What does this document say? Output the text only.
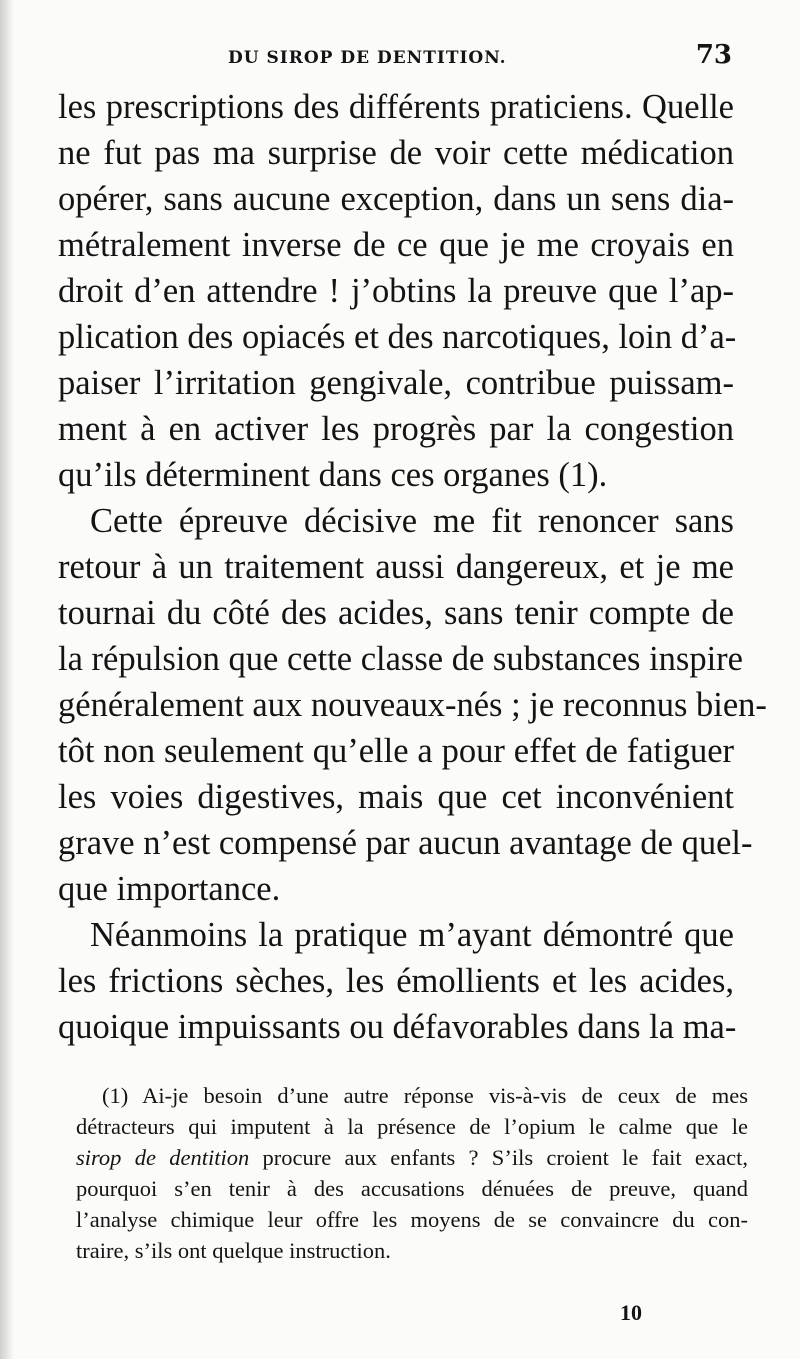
DU SIROP DE DENTITION.	73
les prescriptions des différents praticiens. Quelle
ne fut pas ma surprise de voir cette médication
opérer, sans aucune exception, dans un sens dia-
métralement inverse de ce que je me croyais en
droit d’en attendre ! j’obtins la preuve que l’ap-
plication des opiacés et des narcotiques, loin d’a-
paiser l’irritation gengivale, contribue puissam-
ment à en activer les progrès par la congestion
qu’ils déterminent dans ces organes (1).
Cette épreuve décisive me fit renoncer sans
retour à un traitement aussi dangereux, et je me
tournai du côté des acides, sans tenir compte de
la répulsion que cette classe de substances inspire
généralement aux nouveaux-nés ; je reconnus bien-
tôt non seulement qu’elle a pour effet de fatiguer
les voies digestives, mais que cet inconvénient
grave n’est compensé par aucun avantage de quel-
que importance.
Néanmoins la pratique m’ayant démontré que
les frictions sèches, les émollients et les acides,
quoique impuissants ou défavorables dans la ma-
(1) Ai-je besoin d’une autre réponse vis-à-vis de ceux de mes
détracteurs qui imputent à la présence de l’opium le calme que le
sirop de dentition procure aux enfants ? S’ils croient le fait exact,
pourquoi s’en tenir à des accusations dénuées de preuve, quand
l’analyse chimique leur offre les moyens de se convaincre du con-
traire, s’ils ont quelque instruction.
10
